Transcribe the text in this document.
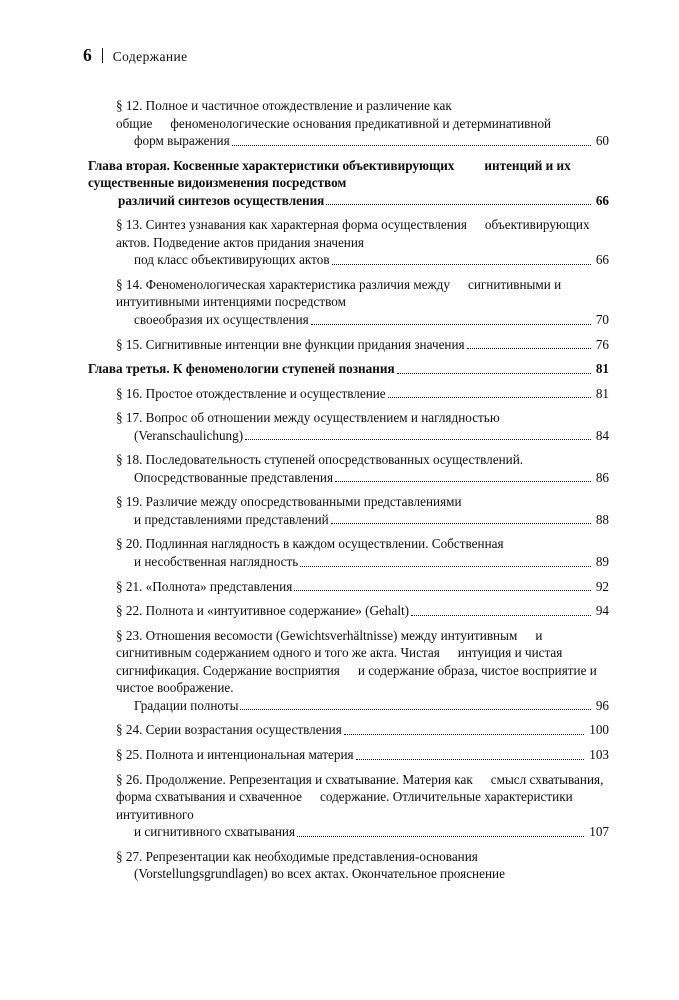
6 Содержание
§ 12. Полное и частичное отождествление и различение как общие феноменологические основания предикативной и детерминативной
форм выражения	60
Глава вторая. Косвенные характеристики объективирующих интенций и их существенные видоизменения посредством
различий синтезов осуществления	66
§ 13. Синтез узнавания как характерная форма осуществления объективирующих актов. Подведение актов придания значения
под класс объективирующих актов	66
§ 14. Феноменологическая характеристика различия между сигнитивными и интуитивными интенциями посредством
своеобразия их осуществления	70
§ 15. Сигнитивные интенции вне функции придания значения	76
Глава третья. К феноменологии ступеней познания	81
§ 16. Простое отождествление и осуществление	81
§ 17. Вопрос об отношении между осуществлением и наглядностью
(Veranschaulichung)	84
§ 18. Последовательность ступеней опосредствованных осуществлений.
Опосредствованные представления	86
§ 19. Различие между опосредствованными представлениями
и представлениями представлений	88
§ 20. Подлинная наглядность в каждом осуществлении. Собственная
и несобственная наглядность	89
§ 21. «Полнота» представления	92
§ 22. Полнота и «интуитивное содержание» (Gehalt)	94
§ 23. Отношения весомости (Gewichtsverhältnisse) между интуитивным и сигнитивным содержанием одного и того же акта. Чистая интуиция и чистая сигнификация. Содержание восприятия и содержание образа, чистое восприятие и чистое воображение.
Градации полноты	96
§ 24. Серии возрастания осуществления	100
§ 25. Полнота и интенциональная материя	103
§ 26. Продолжение. Репрезентация и схватывание. Материя как смысл схватывания, форма схватывания и схваченное содержание. Отличительные характеристики интуитивного
и сигнитивного схватывания	107
§ 27. Репрезентации как необходимые представления-основания
(Vorstellungsgrundlagen) во всех актах. Окончательное прояснение
